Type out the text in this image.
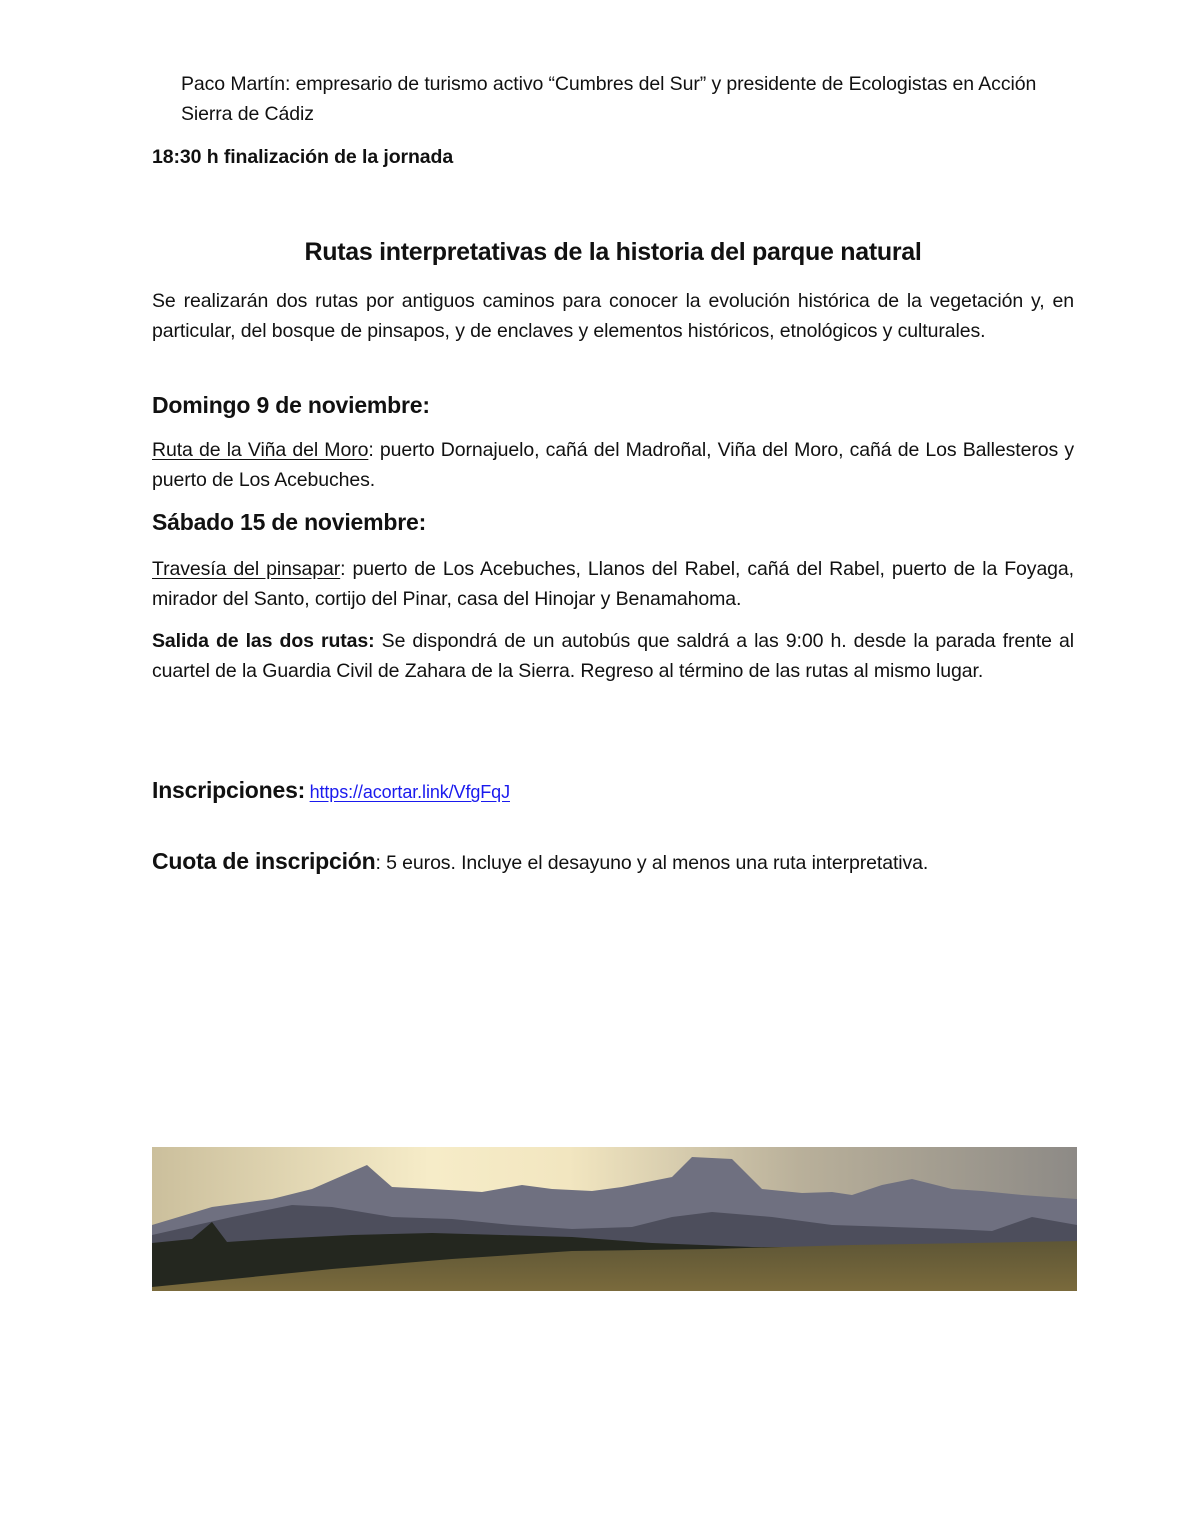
Paco Martín: empresario de turismo activo “Cumbres del Sur” y presidente de Ecologistas en Acción Sierra de Cádiz
18:30 h finalización de la jornada
Rutas interpretativas de la historia del parque natural
Se realizarán dos rutas por antiguos caminos para conocer la evolución histórica de la vegetación y, en particular, del bosque de pinsapos, y de enclaves y elementos históricos, etnológicos y culturales.
Domingo 9 de noviembre:
Ruta de la Viña del Moro: puerto Dornajuelo, cañá del Madroñal, Viña del Moro, cañá de Los Ballesteros y puerto de Los Acebuches.
Sábado 15 de noviembre:
Travesía del pinsapar: puerto de Los Acebuches, Llanos del Rabel, cañá del Rabel, puerto de la Foyaga, mirador del Santo, cortijo del Pinar, casa del Hinojar y Benamahoma.
Salida de las dos rutas: Se dispondrá de un autobús que saldrá a las 9:00 h. desde la parada frente al cuartel de la Guardia Civil de Zahara de la Sierra. Regreso al término de las rutas al mismo lugar.
Inscripciones: https://acortar.link/VfgFqJ
Cuota de inscripción: 5 euros. Incluye el desayuno y al menos una ruta interpretativa.
